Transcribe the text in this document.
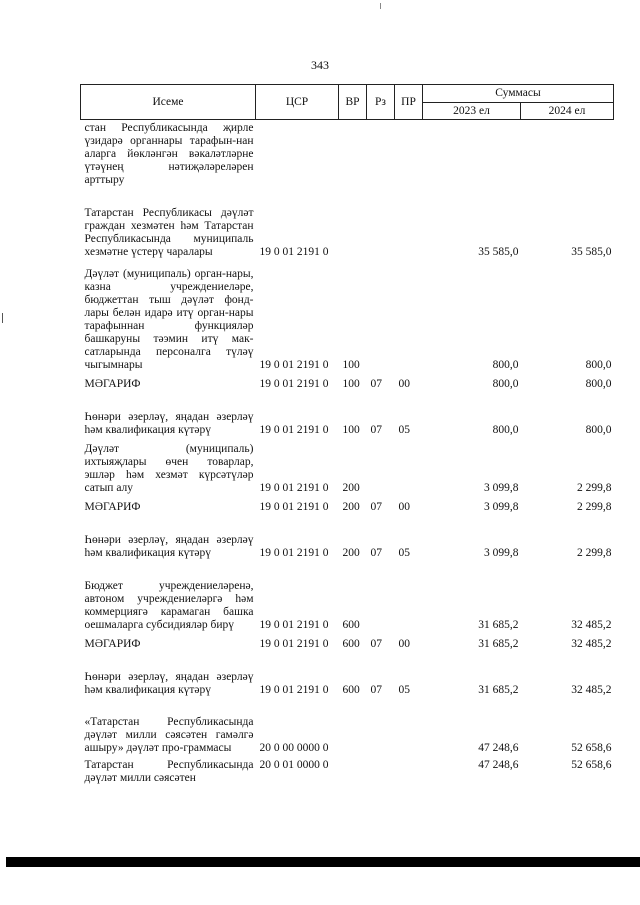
343
Исеме	ЦСР	ВР	Рз	ПР	Суммасы	
					2023 ел	2024 ел
стан Республикасында җирле үзидарә органнары тарафын-нан аларга йөкләнгән вәкаләтләрне үтәүнең нәтиҗәләреләрен арттыру						
Татарстан Республикасы дәүләт граждан хезмәтен һәм Татарстан Республикасында муниципаль хезмәтне үстерү чаралары	19 0 01 2191 0				35 585,0	35 585,0
Дәүләт (муниципаль) орган-нары, казна учреждениеләре, бюджеттан тыш дәүләт фонд-лары белән идарә итү орган-нары тарафыннан функцияләр башкаруны тәэмин итү мак-сатларында персоналга түләү чыгымнары	19 0 01 2191 0	100			800,0	800,0
МӘГАРИФ	19 0 01 2191 0	100	07	00	800,0	800,0
Һөнәри әзерләү, яңадан әзерләү һәм квалификация күтәрү	19 0 01 2191 0	100	07	05	800,0	800,0
Дәүләт (муниципаль) ихтыяҗлары өчен товарлар, эшләр һәм хезмәт күрсәтүләр сатып алу	19 0 01 2191 0	200			3 099,8	2 299,8
МӘГАРИФ	19 0 01 2191 0	200	07	00	3 099,8	2 299,8
Һөнәри әзерләү, яңадан әзерләү һәм квалификация күтәрү	19 0 01 2191 0	200	07	05	3 099,8	2 299,8
Бюджет учреждениеләренә, автоном учреждениеләргә һәм коммерциягә карамаган башка оешмаларга субсидияләр бирү	19 0 01 2191 0	600			31 685,2	32 485,2
МӘГАРИФ	19 0 01 2191 0	600	07	00	31 685,2	32 485,2
Һөнәри әзерләү, яңадан әзерләү һәм квалификация күтәрү	19 0 01 2191 0	600	07	05	31 685,2	32 485,2
«Татарстан Республикасында дәүләт милли сәясәтен гамәлгә ашыру» дәүләт про-граммасы	20 0 00 0000 0				47 248,6	52 658,6
Татарстан Республикасында дәүләт милли сәясәтен	20 0 01 0000 0				47 248,6	52 658,6
